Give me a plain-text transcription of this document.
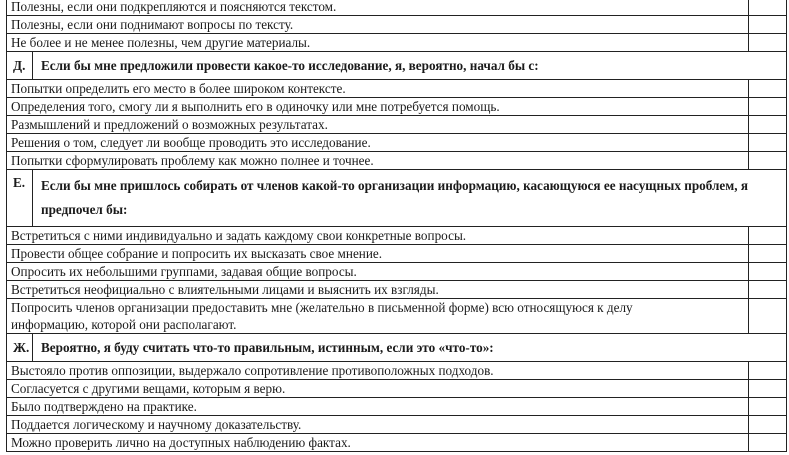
Полезны, если они подкрепляются и поясняются текстом.		
Полезны, если они поднимают вопросы по тексту.		
Не более и не менее полезны, чем другие материалы.		
Д.	Если бы мне предложили провести какое-то исследование, я, вероятно, начал бы с:	
Попытки определить его место в более широком контексте.		
Определения того, смогу ли я выполнить его в одиночку или мне потребуется помощь.		
Размышлений и предложений о возможных результатах.		
Решения о том, следует ли вообще проводить это исследование.		
Попытки сформулировать проблему как можно полнее и точнее.		
Е.	Если бы мне пришлось собирать от членов какой-то организации информацию, касающуюся ее насущных проблем, я предпочел бы:	
Встретиться с ними индивидуально и задать каждому свои конкретные вопросы.		
Провести общее собрание и попросить их высказать свое мнение.		
Опросить их небольшими группами, задавая общие вопросы.		
Встретиться неофициально с влиятельными лицами и выяснить их взгляды.		
Попросить членов организации предоставить мне (желательно в письменной форме) всю относящуюся к делу информацию, которой они располагают.		
Ж.	Вероятно, я буду считать что-то правильным, истинным, если это «что-то»:	
Выстояло против оппозиции, выдержало сопротивление противоположных подходов.		
Согласуется с другими вещами, которым я верю.		
Было подтверждено на практике.		
Поддается логическому и научному доказательству.		
Можно проверить лично на доступных наблюдению фактах.		
